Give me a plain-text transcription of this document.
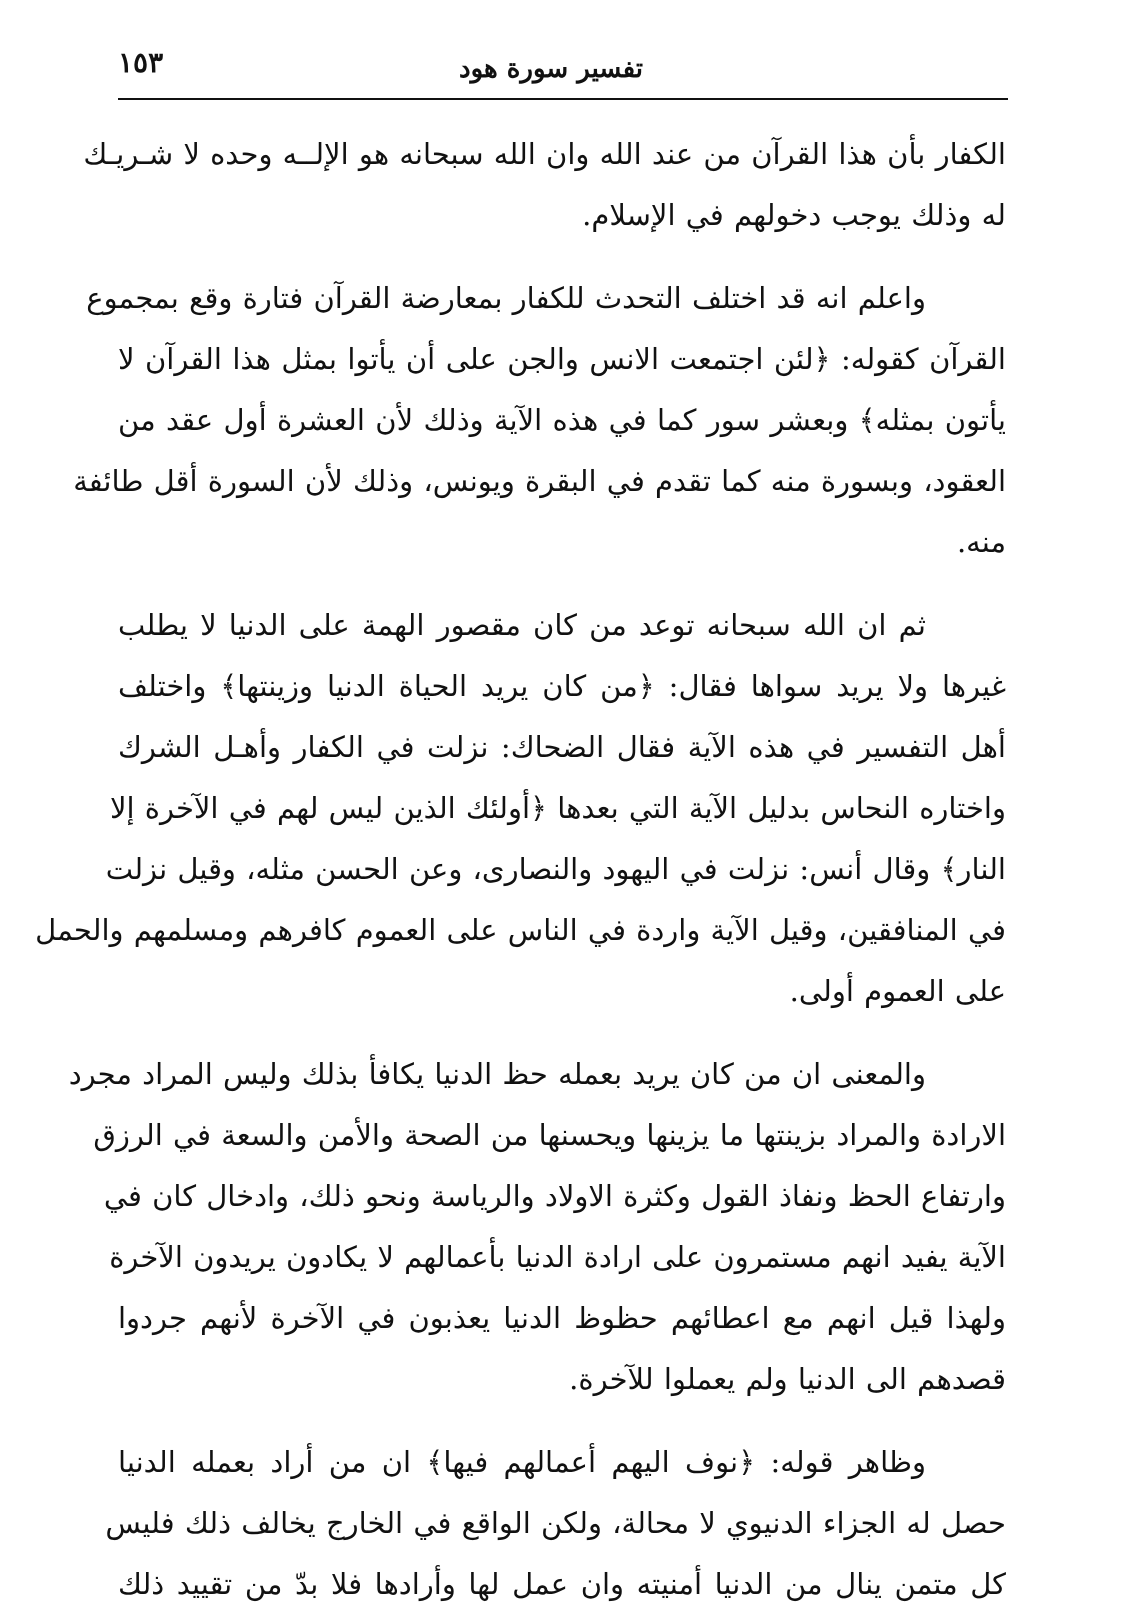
تفسير سورة هود
١٥٣

الكفار بأن هذا القرآن من عند الله وان الله سبحانه هو الإلــه وحده لا شـريـك
له وذلك يوجب دخولهم في الإسلام.

واعلم انه قد اختلف التحدث للكفار بمعارضة القرآن فتارة وقع بمجموع
القرآن كقوله: ﴿لئن اجتمعت الانس والجن على أن يأتوا بمثل هذا القرآن لا
يأتون بمثله﴾ وبعشر سور كما في هذه الآية وذلك لأن العشرة أول عقد من
العقود، وبسورة منه كما تقدم في البقرة ويونس، وذلك لأن السورة أقل طائفة
منه.

ثم ان الله سبحانه توعد من كان مقصور الهمة على الدنيا لا يطلب
غيرها ولا يريد سواها فقال: ﴿من كان يريد الحياة الدنيا وزينتها﴾ واختلف
أهل التفسير في هذه الآية فقال الضحاك: نزلت في الكفار وأهـل الشرك
واختاره النحاس بدليل الآية التي بعدها ﴿أولئك الذين ليس لهم في الآخرة إلا
النار﴾ وقال أنس: نزلت في اليهود والنصارى، وعن الحسن مثله، وقيل نزلت
في المنافقين، وقيل الآية واردة في الناس على العموم كافرهم ومسلمهم والحمل
على العموم أولى.

والمعنى ان من كان يريد بعمله حظ الدنيا يكافأ بذلك وليس المراد مجرد
الارادة والمراد بزينتها ما يزينها ويحسنها من الصحة والأمن والسعة في الرزق
وارتفاع الحظ ونفاذ القول وكثرة الاولاد والرياسة ونحو ذلك، وادخال كان في
الآية يفيد انهم مستمرون على ارادة الدنيا بأعمالهم لا يكادون يريدون الآخرة
ولهذا قيل انهم مع اعطائهم حظوظ الدنيا يعذبون في الآخرة لأنهم جردوا
قصدهم الى الدنيا ولم يعملوا للآخرة.

وظاهر قوله: ﴿نوف اليهم أعمالهم فيها﴾ ان من أراد بعمله الدنيا
حصل له الجزاء الدنيوي لا محالة، ولكن الواقع في الخارج يخالف ذلك فليس
كل متمن ينال من الدنيا أمنيته وان عمل لها وأرادها فلا بدّ من تقييد ذلك
